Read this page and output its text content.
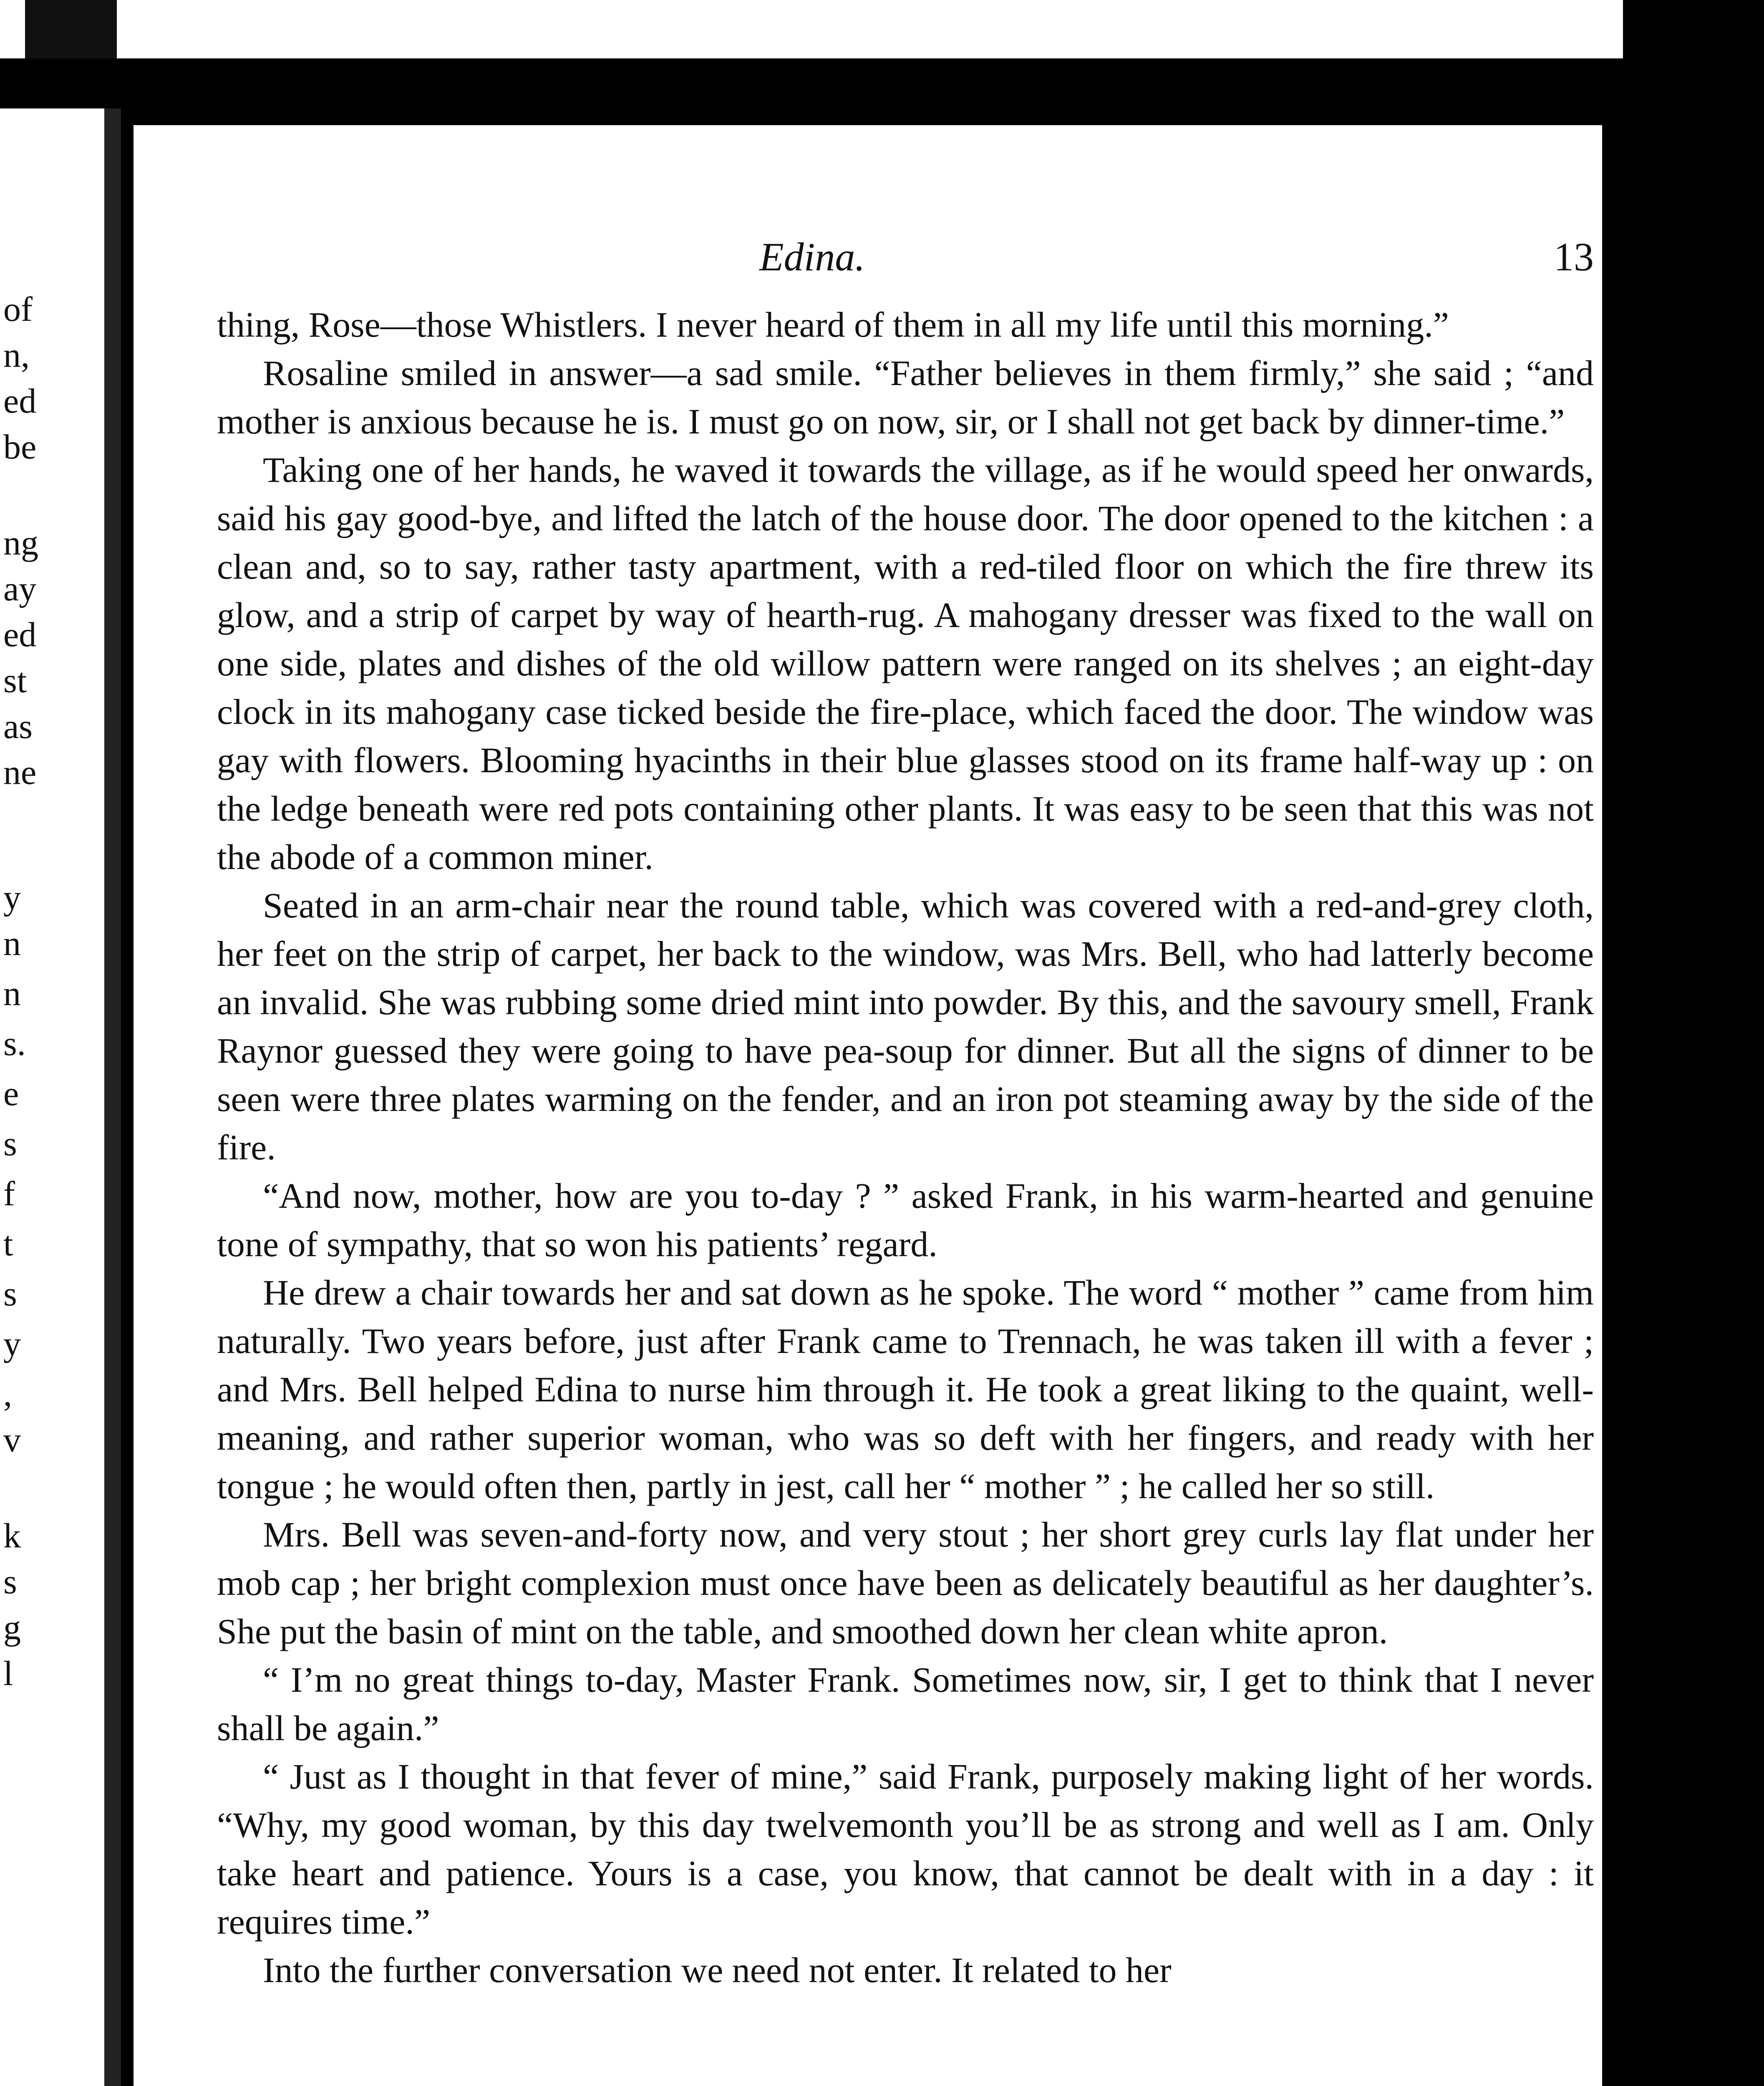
of
n,
ed
be
ng
ay
ed
st
as
ne
y
n
n
s.
e
s
f
t
s
y
,
v
k
s
g
l
Edina.	13

thing, Rose—those Whistlers. I never heard of them in all my life until this morning.”

Rosaline smiled in answer—a sad smile. “Father believes in them firmly,” she said ; “and mother is anxious because he is. I must go on now, sir, or I shall not get back by dinner-time.”

Taking one of her hands, he waved it towards the village, as if he would speed her onwards, said his gay good-bye, and lifted the latch of the house door. The door opened to the kitchen : a clean and, so to say, rather tasty apartment, with a red-tiled floor on which the fire threw its glow, and a strip of carpet by way of hearth-rug. A mahogany dresser was fixed to the wall on one side, plates and dishes of the old willow pattern were ranged on its shelves ; an eight-day clock in its mahogany case ticked beside the fire-place, which faced the door. The window was gay with flowers. Blooming hyacinths in their blue glasses stood on its frame half-way up : on the ledge beneath were red pots containing other plants. It was easy to be seen that this was not the abode of a common miner.

Seated in an arm-chair near the round table, which was covered with a red-and-grey cloth, her feet on the strip of carpet, her back to the window, was Mrs. Bell, who had latterly become an invalid. She was rubbing some dried mint into powder. By this, and the savoury smell, Frank Raynor guessed they were going to have pea-soup for dinner. But all the signs of dinner to be seen were three plates warming on the fender, and an iron pot steaming away by the side of the fire.

“And now, mother, how are you to-day ? ” asked Frank, in his warm-hearted and genuine tone of sympathy, that so won his patients’ regard.

He drew a chair towards her and sat down as he spoke. The word “ mother ” came from him naturally. Two years before, just after Frank came to Trennach, he was taken ill with a fever ; and Mrs. Bell helped Edina to nurse him through it. He took a great liking to the quaint, well-meaning, and rather superior woman, who was so deft with her fingers, and ready with her tongue ; he would often then, partly in jest, call her “ mother ” ; he called her so still.

Mrs. Bell was seven-and-forty now, and very stout ; her short grey curls lay flat under her mob cap ; her bright complexion must once have been as delicately beautiful as her daughter’s. She put the basin of mint on the table, and smoothed down her clean white apron.

“ I’m no great things to-day, Master Frank. Sometimes now, sir, I get to think that I never shall be again.”

“ Just as I thought in that fever of mine,” said Frank, purposely making light of her words. “Why, my good woman, by this day twelvemonth you’ll be as strong and well as I am. Only take heart and patience. Yours is a case, you know, that cannot be dealt with in a day : it requires time.”

Into the further conversation we need not enter. It related to her
